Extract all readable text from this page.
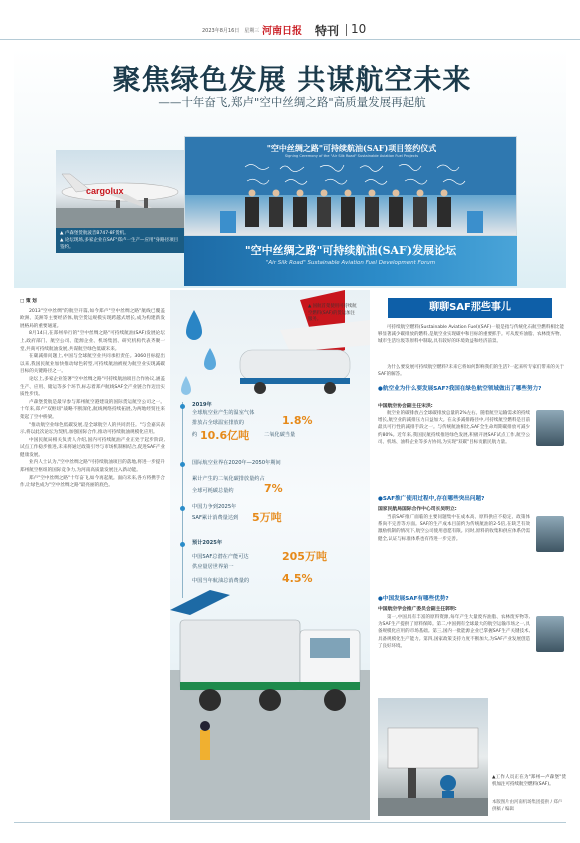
2023年8月16日　星期三 河南日报 特刊 10
聚焦绿色发展 共谋航空未来
——十年奋飞,郑卢"空中丝绸之路"高质量发展再起航
cargolux
"空中丝绸之路"可持续航油(SAF)项目签约仪式
Signing Ceremony of the "Air Silk Road" Sustainable Aviation Fuel Projects
"空中丝绸之路"可持续航油(SAF)发展论坛
"Air Silk Road" Sustainable Aviation Fuel Development Forum
▲ 卢森堡货航波音B747-8F货机。
▲ 论坛现场,多家企业在SAF"郑卢一生产—应用"身路径项目签约。
□ 策 划

2013"空中丝绸"的航空开篇,如今郑卢"空中丝绸之路"航线已覆盖欧洲、美洲等主要经济体,航空货运规模实现跨越式增长,成为构建新发展格局的重要通道。

8月14日,在郑州举行的"空中丝绸之路"可持续航油(SAF)发展论坛上,政府部门、航空公司、能源企业、机场集团、研究机构代表齐聚一堂,共商可持续航油发展,共谋航空绿色低碳未来。

在碳减排问题上,中国与全球航空业共同承担责任。3060目标提出以来,我国民航业加快推动绿色转型,可持续航油被视为航空业实现减碳目标的关键路径之一。

论坛上,多家企业签署"空中丝绸之路"可持续航油项目合作协议,涵盖生产、应用、储运等多个环节,标志着郑卢航线SAF全产业链合作迈出实质性步伐。

卢森堡货航是最早参与郑州航空港建设的国际货运航空公司之一。十年来,郑卢"双枢纽"战略不断深化,航线网络持续拓展,为两地经贸往来架起了空中桥梁。

"推动航空业绿色低碳发展,是全球航空人的共同责任。"与会嘉宾表示,将以此次论坛为契机,加强国际合作,推动可持续航油规模化应用。

中国民航局相关负责人介绍,国内可持续航油产业正处于起步阶段,试点工作稳步推进,未来将通过政策引导与市场机制相结合,促进SAF产业健康发展。

业内人士认为,"空中丝绸之路"可持续航油项目的落地,将进一步提升郑州航空枢纽的国际竞争力,为河南高质量发展注入新动能。

郑卢"空中丝绸之路"十年奋飞,如今再起航。面向未来,各方将携手合作,让绿色成为"空中丝绸之路"最亮丽的底色。

▲ 国航首架使用可持续航空燃料(SAF)的货运加注服务。
2019年
全球航空业产生的温室气体
排放占全球温室排放的	1.8%
约 10.6亿吨	二氧化碳当量
国际航空业界在2020年—2050年期间
累计产生的二氧化碳排放量约占
全球可耗碳总量约	7%
中国力争到2025年
SAF累计消费量达到 5万吨
预计2025年
中国SAF总潜在产能可达	205万吨
供应量居世界第一
中国当年航油总消费量的	4.5%
聊聊SAF那些事儿
可持续航空燃料(Sustainable Aviation Fuel)(SAF)一般是指与传统化石航空燃料相比能够显著减少碳排放的燃料,是航空业实现碳中和目标的重要抓手。可从废弃油脂、农林废弃物、城市生活垃圾等原料中制取,具有较好的环境效益和经济前景。
为什么要发展可持续航空燃料?未来它将如何影响我们的生活?一起来听专家们带来的关于SAF的解答。
●航空业为什么要发展SAF?我国在绿色航空领域做出了哪些努力?
中国航空协会副主任宋洪:
航空业的碳排放占全球碳排放总量的2%左右。随着航空运输需求的持续增长,航空业的减排压力日益加大。在众多减排路径中,可持续航空燃料是目前最具可行性的减排手段之一。与传统航油相比,SAF全生命周期碳排放可减少约80%。近年来,我国民航持续推进绿色发展,积极开展SAF试点工作,航空公司、机场、油料企业等多方协同,为实现"双碳"目标贡献民航力量。
●SAF推广使用过程中,存在哪些突出问题?
国家民航局国际合作中心司长吴明立:
当前SAF推广面临的主要问题集中在成本高、原料供应不稳定、政策体系尚不完善等方面。SAF的生产成本目前约为传统航油的2-5倍,在缺乏有效激励机制的情况下,航空公司使用意愿有限。同时,原料的收集和供应体系仍需健全,认证与标准体系也有待进一步完善。
●中国发展SAF有哪些优势?
中国航空学会推广委员会副主任郭明:
第一,中国具有丰富的原料资源,每年产生大量废弃油脂、农林废弃物等,为SAF生产提供了原料保障。第二,中国拥有全球最大的航空运输市场之一,具备规模化应用的市场基础。第三,国内一批能源企业已掌握SAF生产关键技术,具备规模化生产能力。第四,国家政策支持力度不断加大,为SAF产业发展创造了良好环境。
▲工作人员正在为"郑州—卢森堡"货机加注可持续航空燃料(SAF)。
本版图片由河南机场集团提供 / 郑卢供稿 / 编辑
